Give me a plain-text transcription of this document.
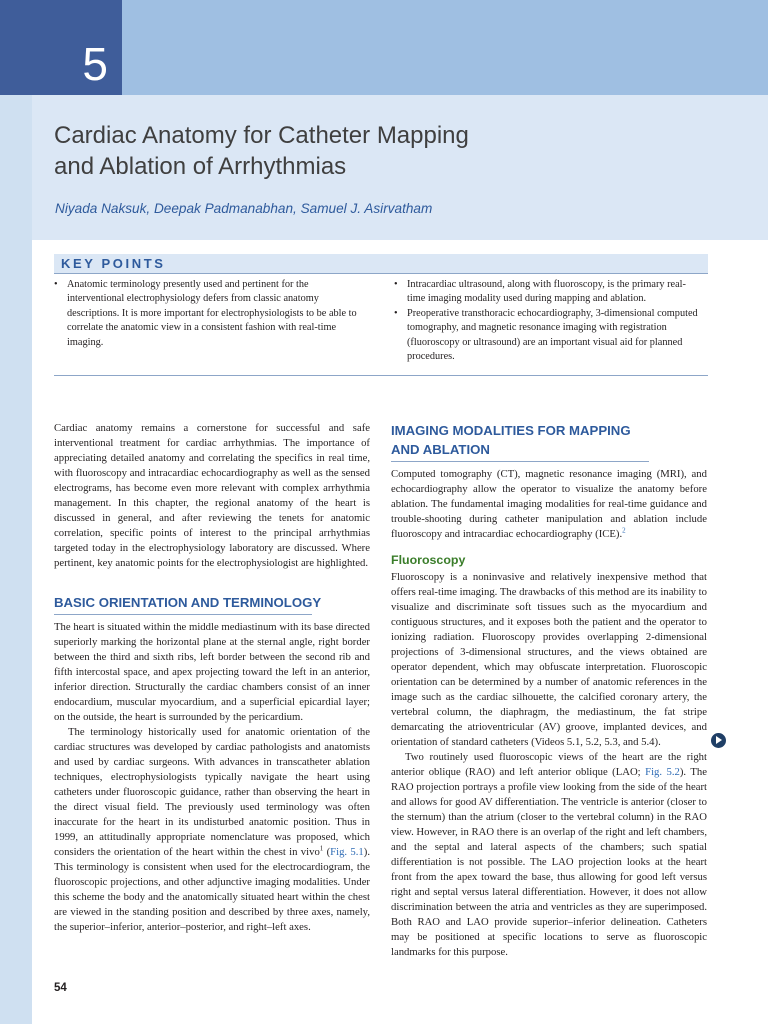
5
Cardiac Anatomy for Catheter Mapping
and Ablation of Arrhythmias
Niyada Naksuk, Deepak Padmanabhan, Samuel J. Asirvatham
KEY POINTS
• Anatomic terminology presently used and pertinent for the interventional electrophysiology defers from classic anatomy descriptions. It is more important for electrophysiologists to be able to correlate the anatomic view in a consistent fashion with real-time imaging.
• Intracardiac ultrasound, along with fluoroscopy, is the primary real-time imaging modality used during mapping and ablation.
• Preoperative transthoracic echocardiography, 3-dimensional computed tomography, and magnetic resonance imaging with registration (fluoroscopy or ultrasound) are an important visual aid for planned procedures.

Cardiac anatomy remains a cornerstone for successful and safe interventional treatment for cardiac arrhythmias. The importance of appreciating detailed anatomy and correlating the specifics in real time, with fluoroscopy and intracardiac echocardiography as well as the sensed electrograms, has become even more relevant with complex arrhythmia management. In this chapter, the regional anatomy of the heart is discussed in general, and after reviewing the tenets for anatomic correlation, specific points of interest to the principal arrhythmias targeted today in the electrophysiology laboratory are discussed. Where pertinent, key anatomic points for the electrophysiologist are highlighted.

BASIC ORIENTATION AND TERMINOLOGY

The heart is situated within the middle mediastinum with its base directed superiorly marking the horizontal plane at the sternal angle, right border between the third and sixth ribs, left border between the second rib and fifth intercostal space, and apex projecting toward the left in an anterior, inferior direction. Structurally the cardiac chambers consist of an inner endocardium, muscular myocardium, and a superficial epicardial layer; on the outside, the heart is surrounded by the pericardium.

The terminology historically used for anatomic orientation of the cardiac structures was developed by cardiac pathologists and anatomists and used by cardiac surgeons. With advances in transcatheter ablation techniques, electrophysiologists typically navigate the heart using catheters under fluoroscopic guidance, rather than observing the heart in the direct visual field. The previously used terminology was often inaccurate for the heart in its undisturbed anatomic position. Thus in 1999, an attitudinally appropriate nomenclature was proposed, which considers the orientation of the heart within the chest in vivo$^1$ (Fig. 5.1). This terminology is consistent when used for the electrocardiogram, the fluoroscopic projections, and other adjunctive imaging modalities. Under this scheme the body and the anatomically situated heart within the chest are viewed in the standing position and described by three axes, namely, the superior–inferior, anterior–posterior, and right–left axes.

IMAGING MODALITIES FOR MAPPING
AND ABLATION

Computed tomography (CT), magnetic resonance imaging (MRI), and echocardiography allow the operator to visualize the anatomy before ablation. The fundamental imaging modalities for real-time guidance and trouble-shooting during catheter manipulation and ablation include fluoroscopy and intracardiac echocardiography (ICE).$^2$

Fluoroscopy

Fluoroscopy is a noninvasive and relatively inexpensive method that offers real-time imaging. The drawbacks of this method are its inability to visualize and discriminate soft tissues such as the myocardium and contiguous structures, and it exposes both the patient and the operator to ionizing radiation. Fluoroscopy provides overlapping 2-dimensional projections of 3-dimensional structures, and the views obtained are operator dependent, which may obfuscate interpretation. Fluoroscopic orientation can be determined by a number of anatomic references in the image such as the cardiac silhouette, the calcified coronary artery, the vertebral column, the diaphragm, the mediastinum, the fat stripe demarcating the atrioventricular (AV) groove, implanted devices, and orientation of standard catheters (Videos 5.1, 5.2, 5.3, and 5.4).

Two routinely used fluoroscopic views of the heart are the right anterior oblique (RAO) and left anterior oblique (LAO; Fig. 5.2). The RAO projection portrays a profile view looking from the side of the heart and allows for good AV differentiation. The ventricle is anterior (closer to the sternum) than the atrium (closer to the vertebral column) in the RAO view. However, in RAO there is an overlap of the right and left chambers, and the septal and lateral aspects of the chambers; such spatial differentiation is not possible. The LAO projection looks at the heart front from the apex toward the base, thus allowing for good left versus right and septal versus lateral differentiation. However, it does not allow discrimination between the atria and ventricles as they are superimposed. Both RAO and LAO provide superior–inferior delineation. Catheters may be positioned at specific locations to serve as fluoroscopic landmarks for this purpose.

54
